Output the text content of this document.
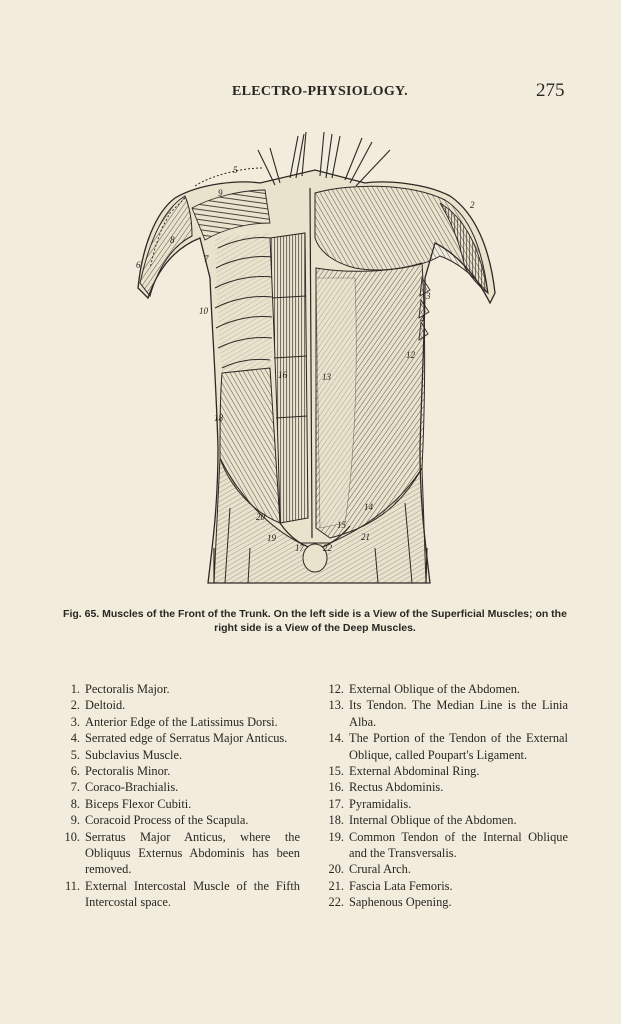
ELECTRO-PHYSIOLOGY.	275
5
9
6
8
7
10
18
2
3
4
12
16	13
20
19
15
17 22
21
14
Fig. 65. Muscles of the Front of the Trunk. On the left side is a View of the Superficial Muscles; on the right side is a View of the Deep Muscles.
1. Pectoralis Major.
2. Deltoid.
3. Anterior Edge of the Latissimus Dorsi.
4. Serrated edge of Serratus Major Anticus.
5. Subclavius Muscle.
6. Pectoralis Minor.
7. Coraco-Brachialis.
8. Biceps Flexor Cubiti.
9. Coracoid Process of the Scapula.
10. Serratus Major Anticus, where the Obliquus Externus Abdominis has been removed.
11. External Intercostal Muscle of the Fifth Intercostal space.
12. External Oblique of the Abdomen.
13. Its Tendon. The Median Line is the Linia Alba.
14. The Portion of the Tendon of the External Oblique, called Poupart's Ligament.
15. External Abdominal Ring.
16. Rectus Abdominis.
17. Pyramidalis.
18. Internal Oblique of the Abdomen.
19. Common Tendon of the Internal Oblique and the Transversalis.
20. Crural Arch.
21. Fascia Lata Femoris.
22. Saphenous Opening.
